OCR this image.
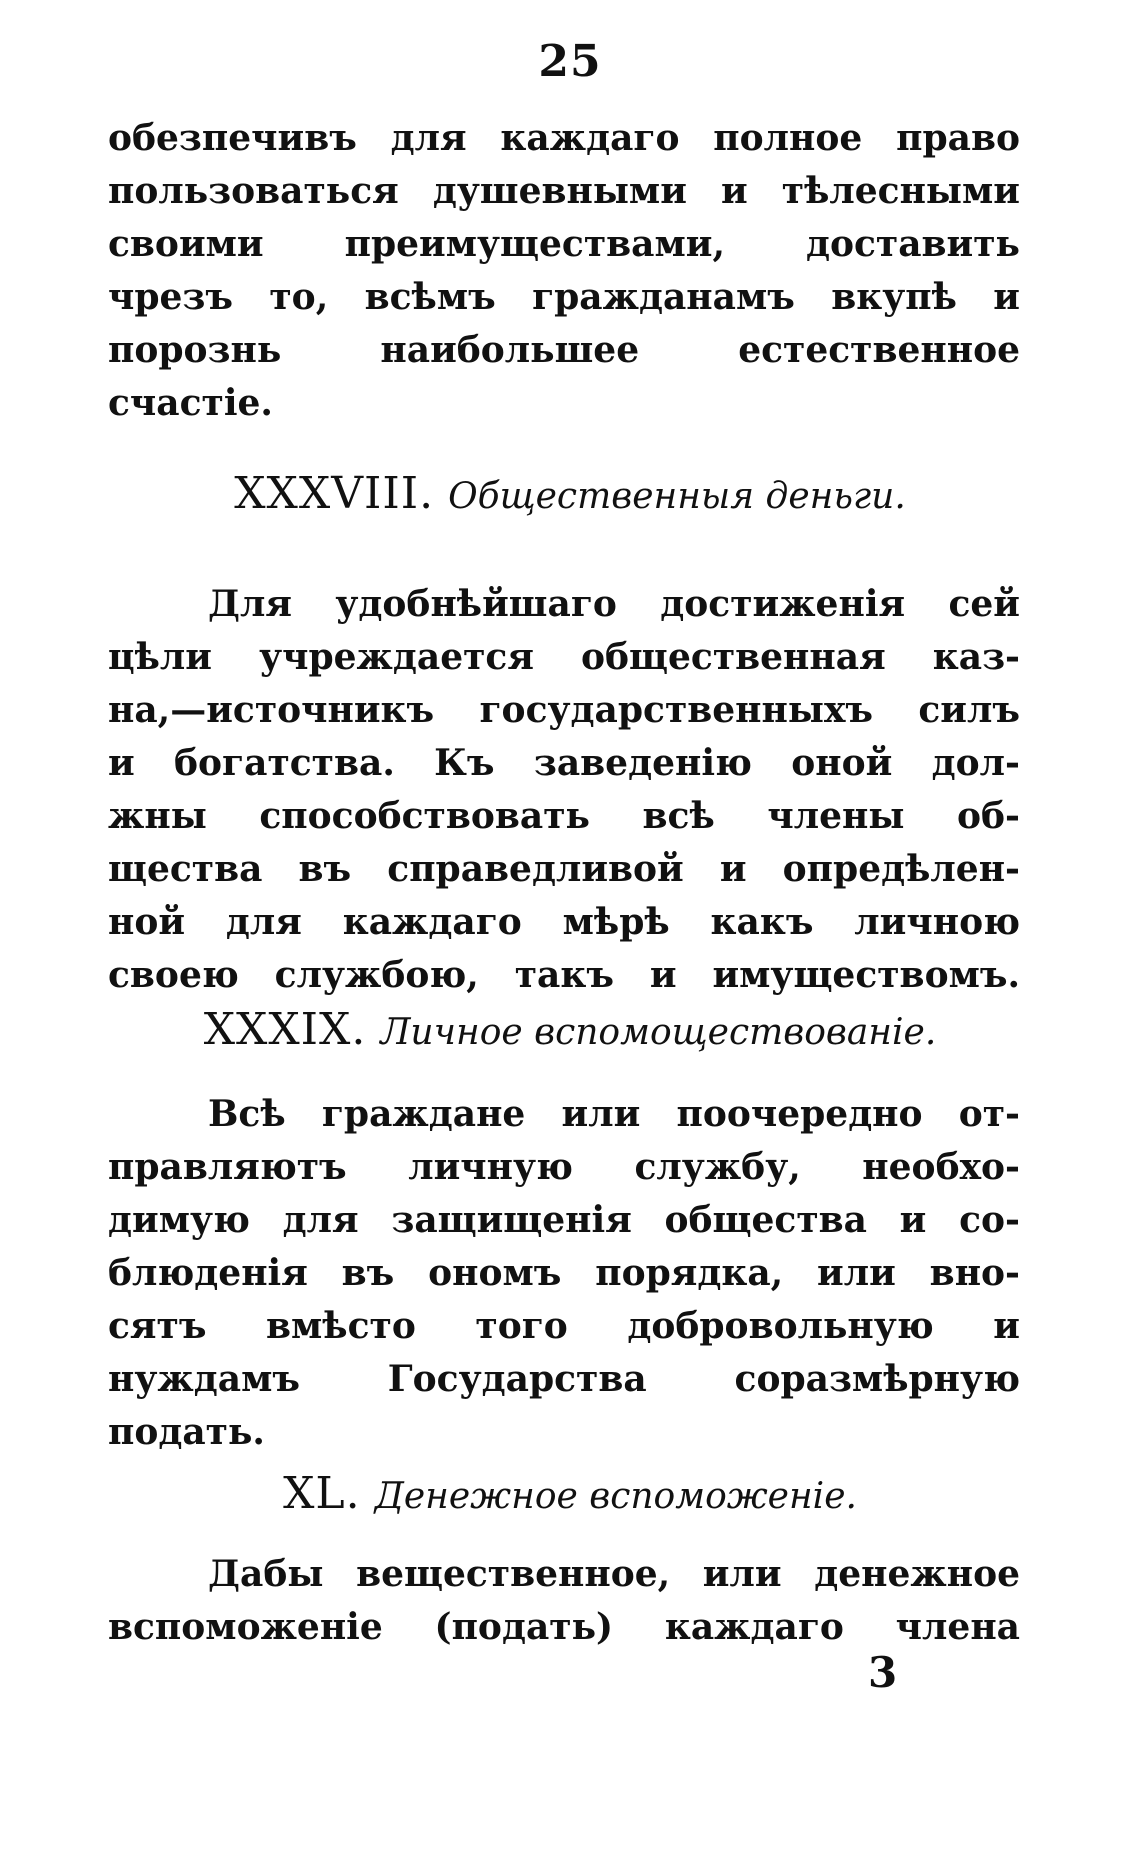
25
обезпечивъ для каждаго полное право
пользоваться душевными и тѣлесными
своими преимуществами, доставить
чрезъ то, всѣмъ гражданамъ вкупѣ и
порознь наибольшее естественное
счастіе.
XXXVIII. Общественныя деньги.
Для удобнѣйшаго достиженія сей
цѣли учреждается общественная каз-
на,—источникъ государственныхъ силъ
и богатства. Къ заведенію оной дол-
жны способствовать всѣ члены об-
щества въ справедливой и опредѣлен-
ной для каждаго мѣрѣ какъ личною
своею службою, такъ и имуществомъ.
XXXIX. Личное вспомоществованіе.
Всѣ граждане или поочередно от-
правляютъ личную службу, необхо-
димую для защищенія общества и со-
блюденія въ ономъ порядка, или вно-
сятъ вмѣсто того добровольную и
нуждамъ Государства соразмѣрную
подать.
XL. Денежное вспоможеніе.
Дабы вещественное, или денежное
вспоможеніе (подать) каждаго члена
3
